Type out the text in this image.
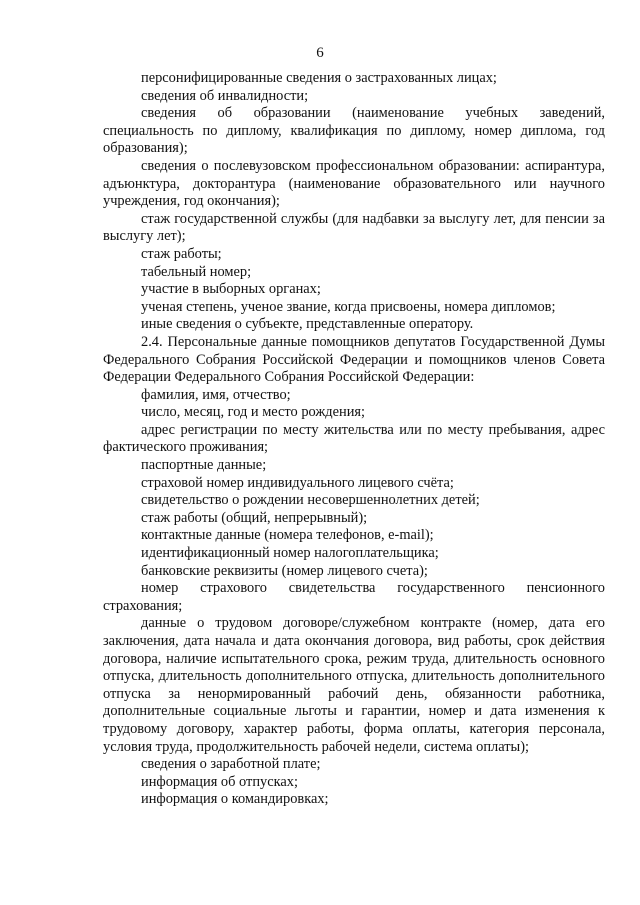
6
персонифицированные сведения о застрахованных лицах;
сведения об инвалидности;
сведения об образовании (наименование учебных заведений, специальность по диплому, квалификация по диплому, номер диплома, год образования);
сведения о послевузовском профессиональном образовании: аспирантура, адъюнктура, докторантура (наименование образовательного или научного учреждения, год окончания);
стаж государственной службы (для надбавки за выслугу лет, для пенсии за выслугу лет);
стаж работы;
табельный номер;
участие в выборных органах;
ученая степень, ученое звание, когда присвоены, номера дипломов;
иные сведения о субъекте, представленные оператору.
2.4. Персональные данные помощников депутатов Государственной Думы Федерального Собрания Российской Федерации и помощников членов Совета Федерации Федерального Собрания Российской Федерации:
фамилия, имя, отчество;
число, месяц, год и место рождения;
адрес регистрации по месту жительства или по месту пребывания, адрес фактического проживания;
паспортные данные;
страховой номер индивидуального лицевого счёта;
свидетельство о рождении несовершеннолетних детей;
стаж работы (общий, непрерывный);
контактные данные (номера телефонов, e-mail);
идентификационный номер налогоплательщика;
банковские реквизиты (номер лицевого счета);
номер страхового свидетельства государственного пенсионного страхования;
данные о трудовом договоре/служебном контракте (номер, дата его заключения, дата начала и дата окончания договора, вид работы, срок действия договора, наличие испытательного срока, режим труда, длительность основного отпуска, длительность дополнительного отпуска, длительность дополнительного отпуска за ненормированный рабочий день, обязанности работника, дополнительные социальные льготы и гарантии, номер и дата изменения к трудовому договору, характер работы, форма оплаты, категория персонала, условия труда, продолжительность рабочей недели, система оплаты);
сведения о заработной плате;
информация об отпусках;
информация о командировках;
